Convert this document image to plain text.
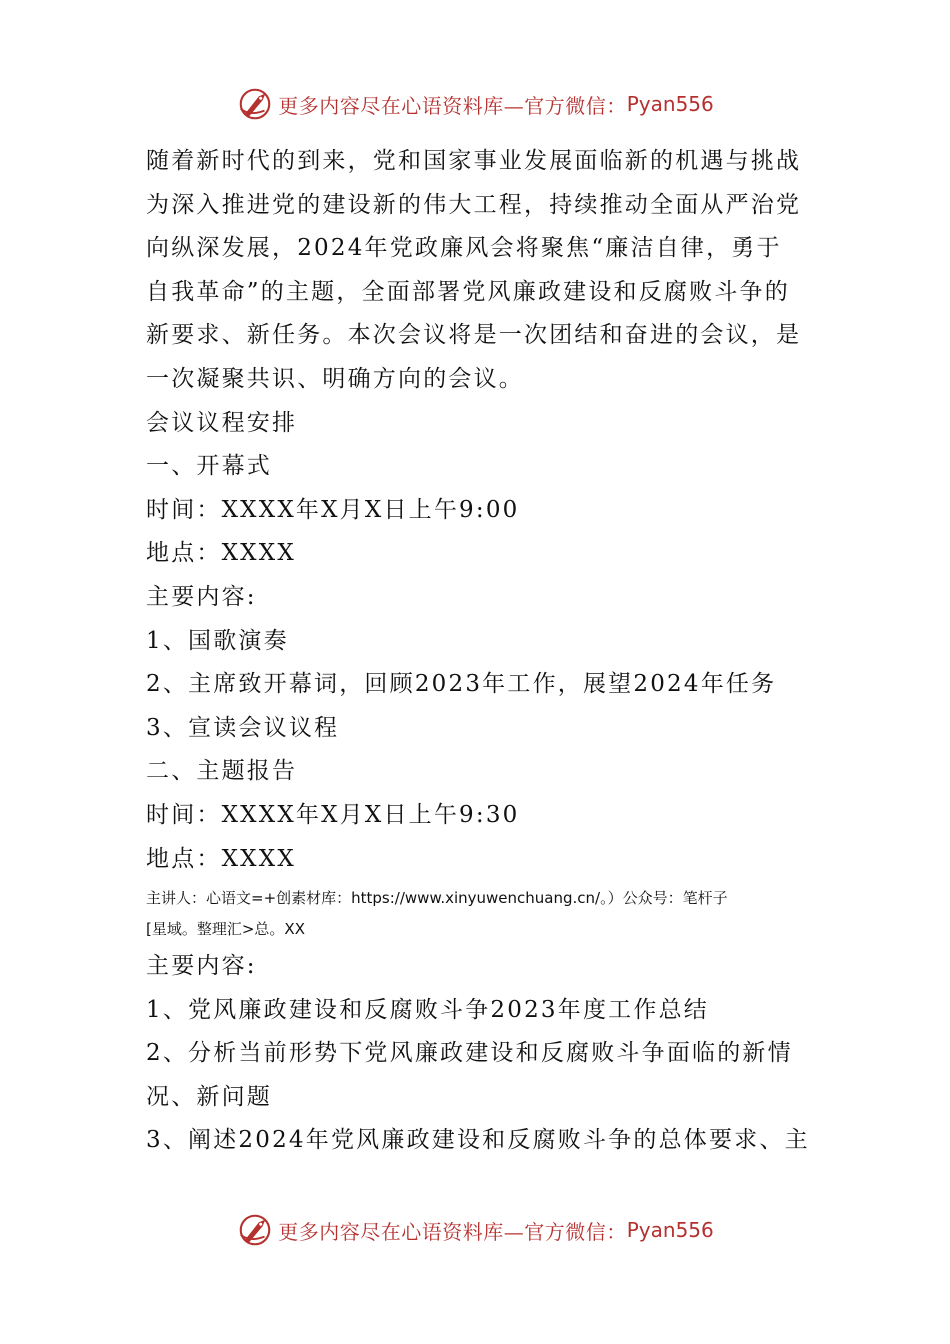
更多内容尽在心语资料库—官方微信： Pyan556
随着新时代的到来，党和国家事业发展面临新的机遇与挑战
为深入推进党的建设新的伟大工程，持续推动全面从严治党
向纵深发展，2024年党政廉风会将聚焦“廉洁自律，勇于
自我革命”的主题，全面部署党风廉政建设和反腐败斗争的
新要求、新任务。本次会议将是一次团结和奋进的会议，是
一次凝聚共识、明确方向的会议。
会议议程安排
一、开幕式
时间：XXXX年X月X日上午9:00
地点：XXXX
主要内容:
1、国歌演奏
2、主席致开幕词，回顾2023年工作，展望2024年任务
3、宣读会议议程
二、主题报告
时间：XXXX年X月X日上午9:30
地点：XXXX
主讲人：心语文=+创素材库：https://www.xinyuwenchuang.cn/。）公众号：笔杆子
[星域。整理汇>总。XX
主要内容:
1、党风廉政建设和反腐败斗争2023年度工作总结
2、分析当前形势下党风廉政建设和反腐败斗争面临的新情
况、新问题
3、阐述2024年党风廉政建设和反腐败斗争的总体要求、主
更多内容尽在心语资料库—官方微信： Pyan556
